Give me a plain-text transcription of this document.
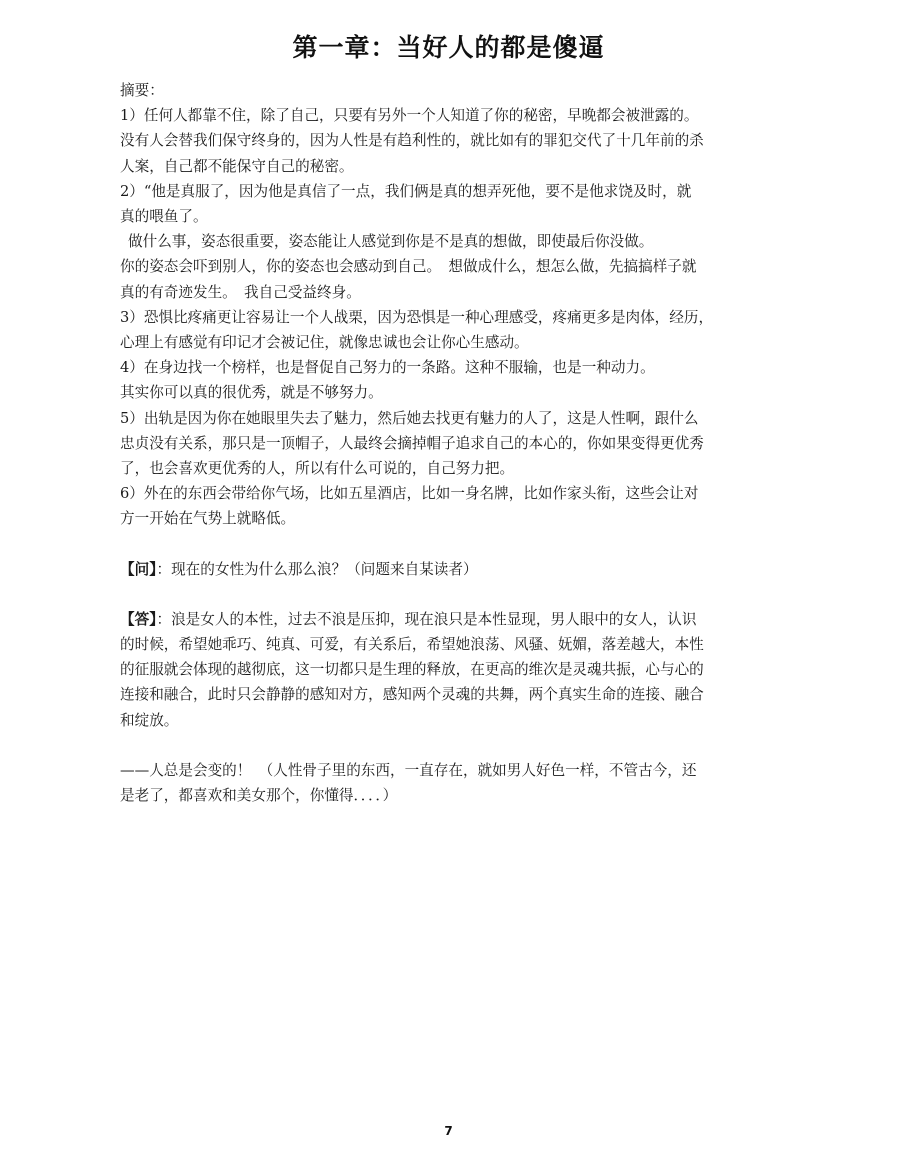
第一章：当好人的都是傻逼

摘要：

1）任何人都靠不住，除了自己，只要有另外一个人知道了你的秘密，早晚都会被泄露的。

没有人会替我们保守终身的，因为人性是有趋利性的，就比如有的罪犯交代了十几年前的杀

人案，自己都不能保守自己的秘密。

2）“他是真服了，因为他是真信了一点，我们俩是真的想弄死他，要不是他求饶及时，就

真的喂鱼了。

做什么事，姿态很重要，姿态能让人感觉到你是不是真的想做，即使最后你没做。

你的姿态会吓到别人，你的姿态也会感动到自己。　想做成什么，想怎么做，先搞搞样子就

真的有奇迹发生。　我自己受益终身。

3）恐惧比疼痛更让容易让一个人战栗，因为恐惧是一种心理感受，疼痛更多是肉体，经历，

心理上有感觉有印记才会被记住，就像忠诚也会让你心生感动。

4）在身边找一个榜样，也是督促自己努力的一条路。这种不服输，也是一种动力。

其实你可以真的很优秀，就是不够努力。

5）出轨是因为你在她眼里失去了魅力，然后她去找更有魅力的人了，这是人性啊，跟什么

忠贞没有关系，那只是一顶帽子，人最终会摘掉帽子追求自己的本心的，你如果变得更优秀

了，也会喜欢更优秀的人，所以有什么可说的，自己努力把。

6）外在的东西会带给你气场，比如五星酒店，比如一身名牌，比如作家头衔，这些会让对

方一开始在气势上就略低。

【问】：现在的女性为什么那么浪？（问题来自某读者）

【答】：浪是女人的本性，过去不浪是压抑，现在浪只是本性显现，男人眼中的女人，认识

的时候，希望她乖巧、纯真、可爱，有关系后，希望她浪荡、风骚、妩媚，落差越大，本性

的征服就会体现的越彻底，这一切都只是生理的释放，在更高的维次是灵魂共振，心与心的

连接和融合，此时只会静静的感知对方，感知两个灵魂的共舞，两个真实生命的连接、融合

和绽放。

——人总是会变的！　（人性骨子里的东西，一直存在，就如男人好色一样，不管古今，还

是老了，都喜欢和美女那个，你懂得．．．．）

7
